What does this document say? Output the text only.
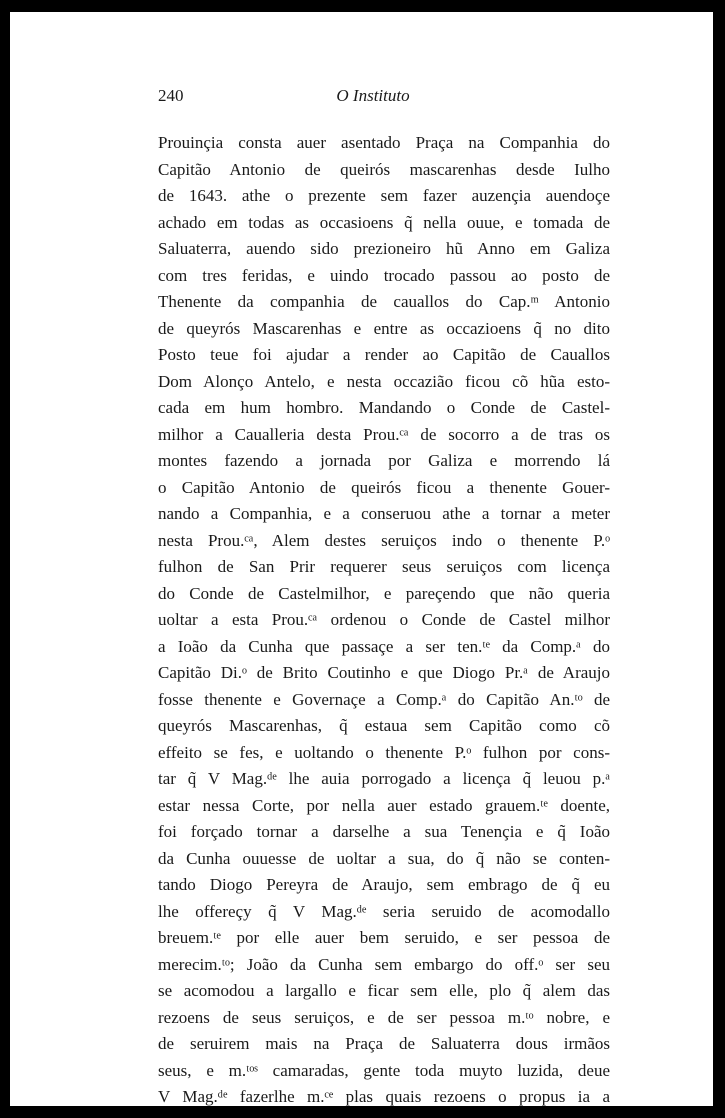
240	O Instituto
Prouinçia consta auer asentado Praça na Companhia do
Capitão Antonio de queirós mascarenhas desde Iulho
de 1643. athe o prezente sem fazer auzençia auendoçe
achado em todas as occasioens q̃ nella ouue, e tomada de
Saluaterra, auendo sido prezioneiro hũ Anno em Galiza
com tres feridas, e uindo trocado passou ao posto de
Thenente da companhia de cauallos do Cap.ᵐ Antonio
de queyrós Mascarenhas e entre as occazioens q̃ no dito
Posto teue foi ajudar a render ao Capitão de Cauallos
Dom Alonço Antelo, e nesta occazião ficou cõ hũa esto-
cada em hum hombro. Mandando o Conde de Castel-
milhor a Caualleria desta Prou.ᶜᵃ de socorro a de tras os
montes fazendo a jornada por Galiza e morrendo lá
o Capitão Antonio de queirós ficou a thenente Gouer-
nando a Companhia, e a conseruou athe a tornar a meter
nesta Prou.ᶜᵃ, Alem destes seruiços indo o thenente P.ᵒ
fulhon de San Prir requerer seus seruiços com licença
do Conde de Castelmilhor, e pareçendo que não queria
uoltar a esta Prou.ᶜᵃ ordenou o Conde de Castel milhor
a Ioão da Cunha que passaçe a ser ten.ᵗᵉ da Comp.ᵃ do
Capitão Di.ᵒ de Brito Coutinho e que Diogo Pr.ᵃ de Araujo
fosse thenente e Governaçe a Comp.ᵃ do Capitão An.ᵗᵒ de
queyrós Mascarenhas, q̃ estaua sem Capitão como cõ
effeito se fes, e uoltando o thenente P.ᵒ fulhon por cons-
tar q̃ V Mag.ᵈᵉ lhe auia porrogado a licença q̃ leuou p.ᵃ
estar nessa Corte, por nella auer estado grauem.ᵗᵉ doente,
foi forçado tornar a darselhe a sua Tenençia e q̃ Ioão
da Cunha ouuesse de uoltar a sua, do q̃ não se conten-
tando Diogo Pereyra de Araujo, sem embrago de q̃ eu
lhe offereçy q̃ V Mag.ᵈᵉ seria seruido de acomodallo
breuem.ᵗᵉ por elle auer bem seruido, e ser pessoa de
merecim.ᵗᵒ; João da Cunha sem embargo do off.ᵒ ser seu
se acomodou a largallo e ficar sem elle, plo q̃ alem das
rezoens de seus seruiços, e de ser pessoa m.ᵗᵒ nobre, e
de seruirem mais na Praça de Saluaterra dous irmãos
seus, e m.ᵗᵒˢ camaradas, gente toda muyto luzida, deue
V Mag.ᵈᵉ fazerlhe m.ᶜᵉ plas quais rezoens o propus ia a
